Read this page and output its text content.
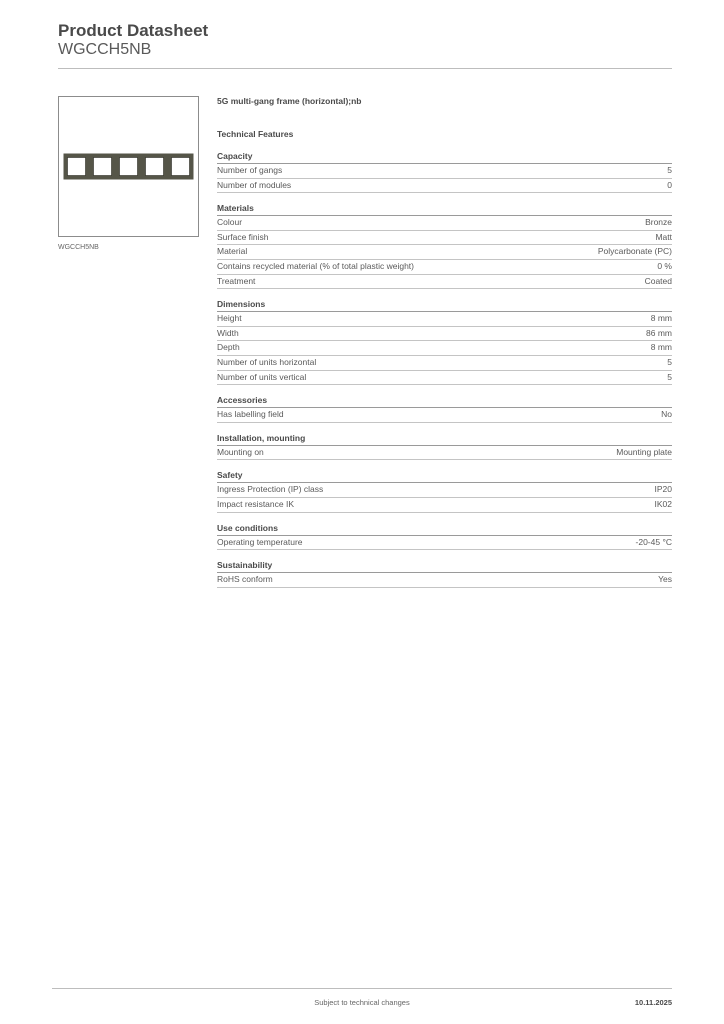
Product Datasheet
WGCCH5NB
WGCCH5NB
5G multi-gang frame (horizontal);nb
Technical Features
Capacity
Number of gangs	5
Number of modules	0
Materials
Colour	Bronze
Surface finish	Matt
Material	Polycarbonate (PC)
Contains recycled material (% of total plastic weight)	0 %
Treatment	Coated
Dimensions
Height	8 mm
Width	86 mm
Depth	8 mm
Number of units horizontal	5
Number of units vertical	5
Accessories
Has labelling field	No
Installation, mounting
Mounting on	Mounting plate
Safety
Ingress Protection (IP) class	IP20
Impact resistance IK	IK02
Use conditions
Operating temperature	-20-45 °C
Sustainability
RoHS conform	Yes
Subject to technical changes	10.11.2025
